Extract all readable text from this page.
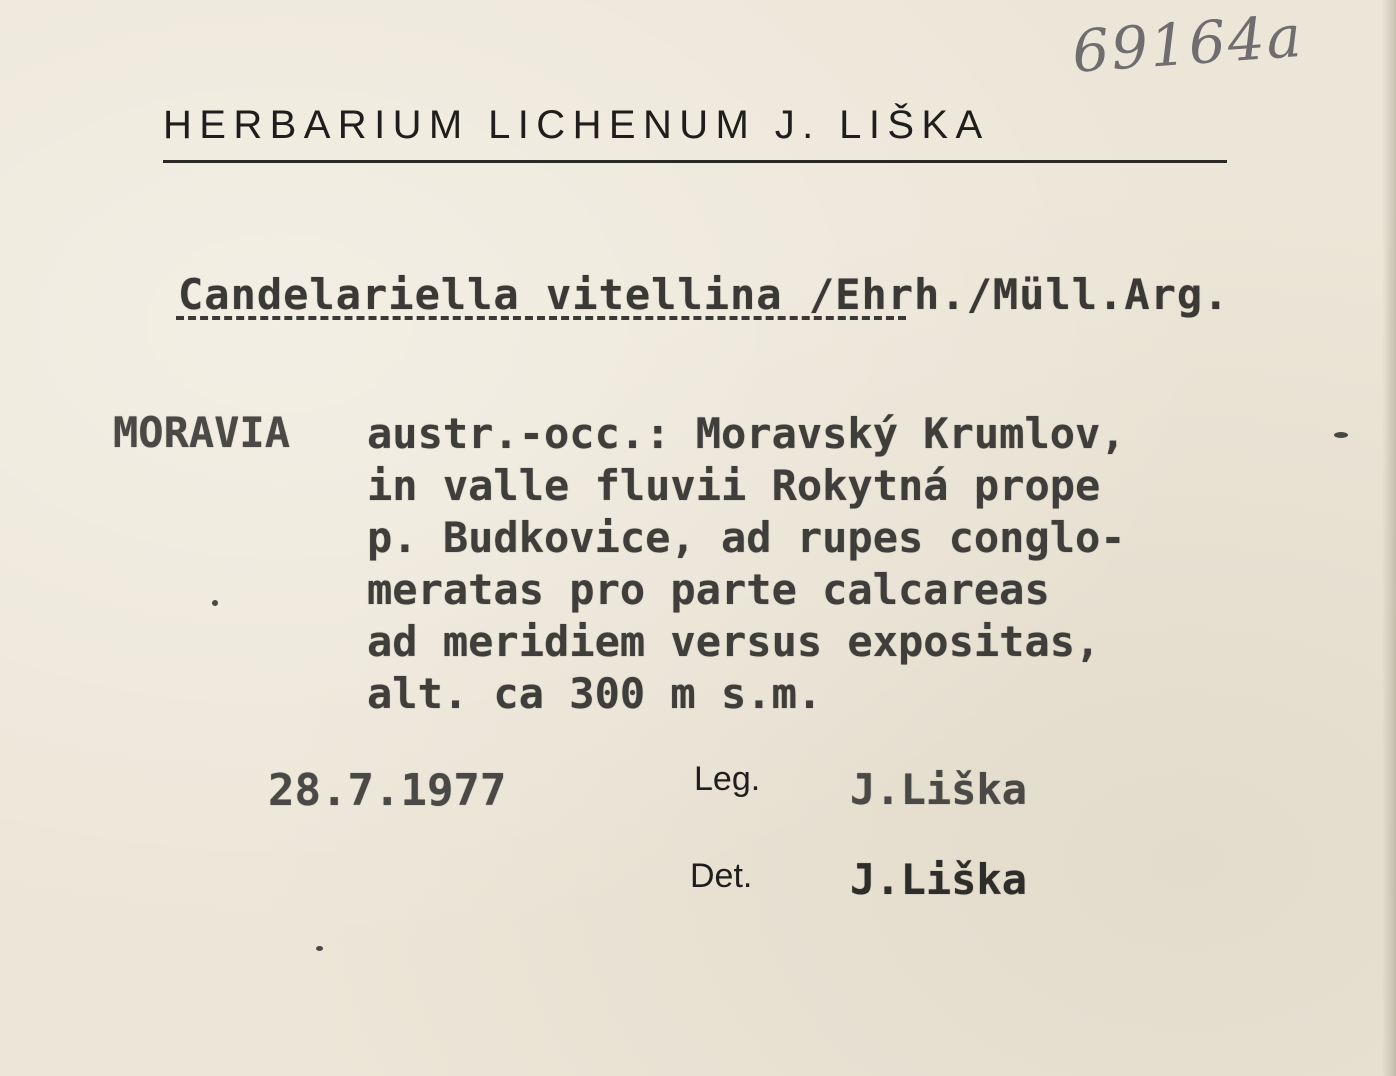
69164a
HERBARIUM LICHENUM J. LIŠKA
Candelariella vitellina /Ehrh./Müll.Arg.
MORAVIA austr.-occ.: Moravský Krumlov,
in valle fluvii Rokytná prope
p. Budkovice, ad rupes conglo-
meratas pro parte calcareas
ad meridiem versus expositas,
alt. ca 300 m s.m.
28.7.1977	Leg. J.Liška
Det. J.Liška
